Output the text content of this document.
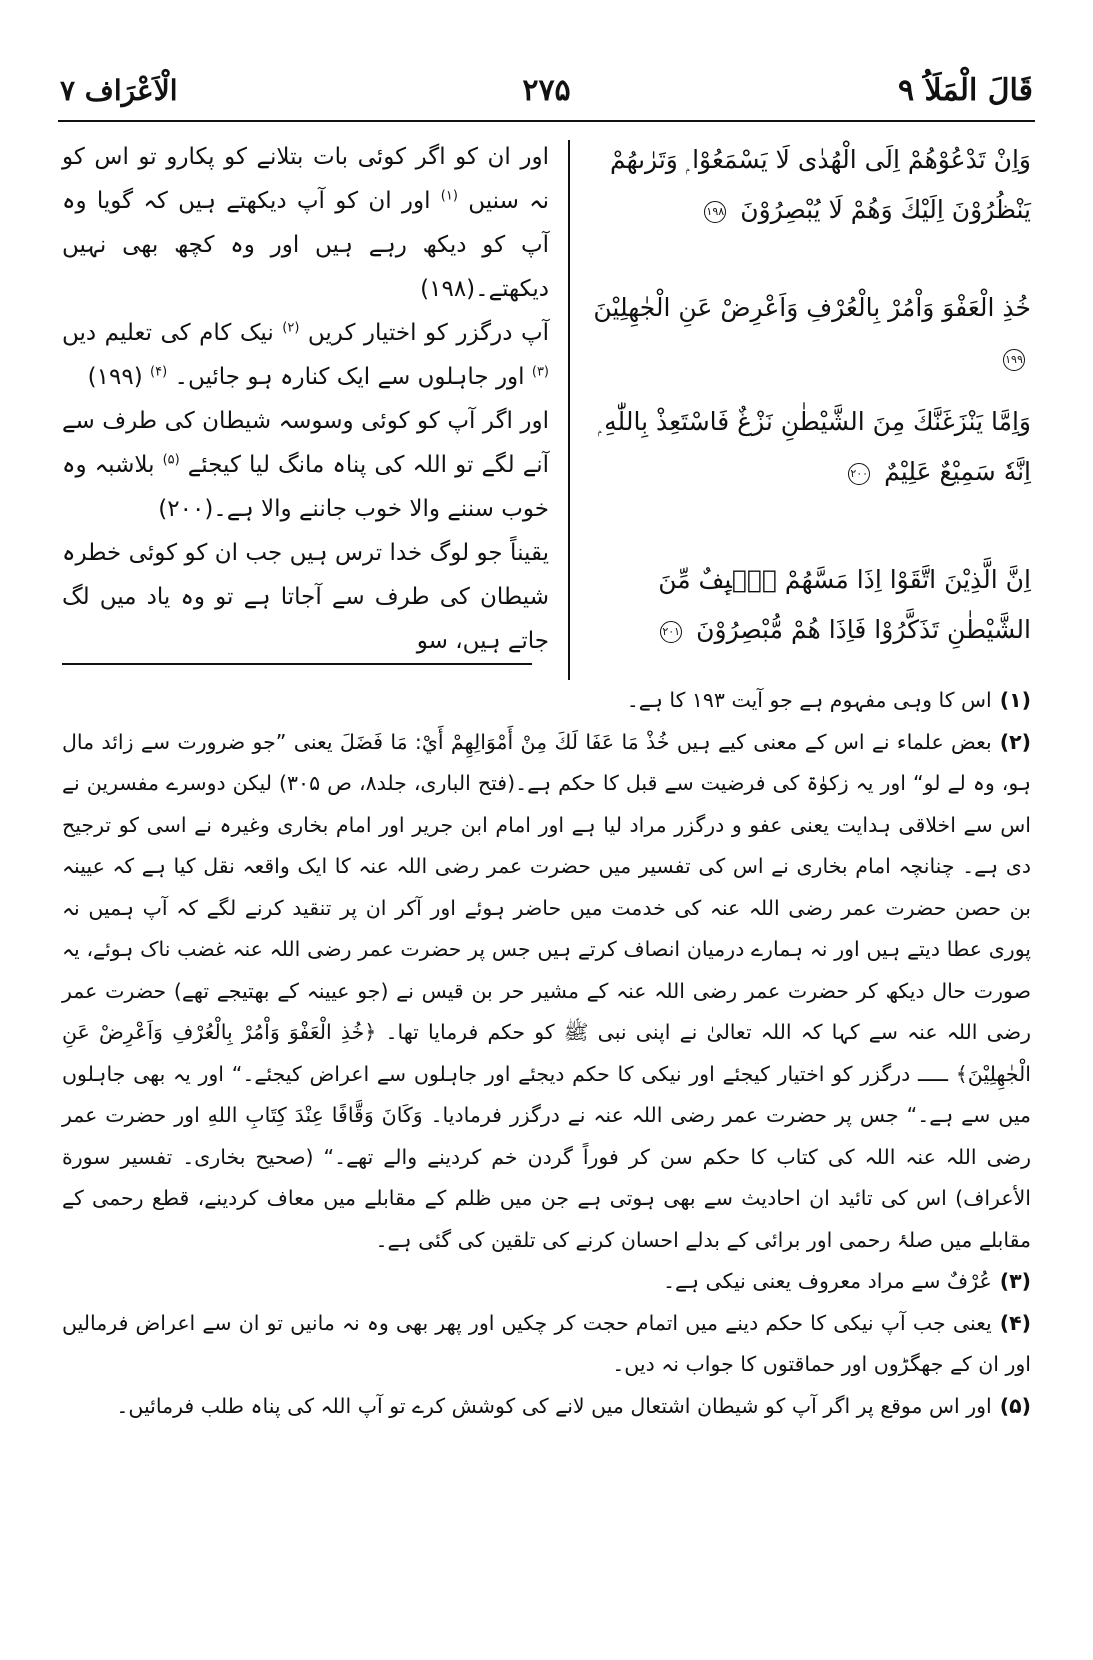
الْاَعْرَاف ۷	۲۷۵	قَالَ الْمَلَاُ ۹
وَاِنْ تَدْعُوْهُمْ اِلَى الْهُدٰى لَا يَسْمَعُوْا ۭ وَتَرٰىهُمْ يَنْظُرُوْنَ اِلَيْكَ وَهُمْ لَا يُبْصِرُوْنَ ۱۹۸
خُذِ الْعَفْوَ وَاْمُرْ بِالْعُرْفِ وَاَعْرِضْ عَنِ الْجٰهِلِيْنَ ۱۹۹
وَاِمَّا يَنْزَغَنَّكَ مِنَ الشَّيْطٰنِ نَزْغٌ فَاسْتَعِذْ بِاللّٰهِ ۭ اِنَّهٗ سَمِيْعٌ عَلِيْمٌ ۲۰۰
اِنَّ الَّذِيْنَ اتَّقَوْا اِذَا مَسَّهُمْ طٰۗىِٕفٌ مِّنَ الشَّيْطٰنِ تَذَكَّرُوْا فَاِذَا هُمْ مُّبْصِرُوْنَ ۲۰۱

اور ان کو اگر کوئی بات بتلانے کو پکارو تو اس کو نہ سنیں $^{(۱)}$ اور ان کو آپ دیکھتے ہیں کہ گویا وہ آپ کو دیکھ رہے ہیں اور وہ کچھ بھی نہیں دیکھتے۔(۱۹۸)

آپ درگزر کو اختیار کریں $^{(۲)}$ نیک کام کی تعلیم دیں $^{(۳)}$ اور جاہلوں سے ایک کنارہ ہو جائیں۔ $^{(۴)}$ (۱۹۹)

اور اگر آپ کو کوئی وسوسہ شیطان کی طرف سے آنے لگے تو اللہ کی پناہ مانگ لیا کیجئے $^{(۵)}$ بلاشبہ وہ خوب سننے والا خوب جاننے والا ہے۔(۲۰۰)

یقیناً جو لوگ خدا ترس ہیں جب ان کو کوئی خطرہ شیطان کی طرف سے آجاتا ہے تو وہ یاد میں لگ جاتے ہیں، سو

(۱)اس کا وہی مفہوم ہے جو آیت ۱۹۳ کا ہے۔

(۲)بعض علماء نے اس کے معنی کیے ہیں خُذْ مَا عَفَا لَكَ مِنْ أَمْوَالِهِمْ أَيْ: مَا فَضَلَ یعنی ”جو ضرورت سے زائد مال ہو، وہ لے لو“ اور یہ زکوٰۃ کی فرضیت سے قبل کا حکم ہے۔(فتح الباری، جلد۸، ص ۳۰۵) لیکن دوسرے مفسرین نے اس سے اخلاقی ہدایت یعنی عفو و درگزر مراد لیا ہے اور امام ابن جریر اور امام بخاری وغیرہ نے اسی کو ترجیح دی ہے۔ چنانچہ امام بخاری نے اس کی تفسیر میں حضرت عمر رضی اللہ عنہ کا ایک واقعہ نقل کیا ہے کہ عیینہ بن حصن حضرت عمر رضی اللہ عنہ کی خدمت میں حاضر ہوئے اور آکر ان پر تنقید کرنے لگے کہ آپ ہمیں نہ پوری عطا دیتے ہیں اور نہ ہمارے درمیان انصاف کرتے ہیں جس پر حضرت عمر رضی اللہ عنہ غضب ناک ہوئے، یہ صورت حال دیکھ کر حضرت عمر رضی اللہ عنہ کے مشیر حر بن قیس نے (جو عیینہ کے بھتیجے تھے) حضرت عمر رضی اللہ عنہ سے کہا کہ اللہ تعالیٰ نے اپنی نبی ﷺ کو حکم فرمایا تھا۔ ﴿خُذِ الْعَفْوَ وَاْمُرْ بِالْعُرْفِ وَاَعْرِضْ عَنِ الْجٰهِلِيْنَ﴾ ـــــ درگزر کو اختیار کیجئے اور نیکی کا حکم دیجئے اور جاہلوں سے اعراض کیجئے۔“ اور یہ بھی جاہلوں میں سے ہے۔“ جس پر حضرت عمر رضی اللہ عنہ نے درگزر فرمادیا۔ وَكَانَ وَقَّافًا عِنْدَ كِتَابِ اللهِ اور حضرت عمر رضی اللہ عنہ اللہ کی کتاب کا حکم سن کر فوراً گردن خم کردینے والے تھے۔“ (صحیح بخاری۔ تفسیر سورة الأعراف) اس کی تائید ان احادیث سے بھی ہوتی ہے جن میں ظلم کے مقابلے میں معاف کردینے، قطع رحمی کے مقابلے میں صلۂ رحمی اور برائی کے بدلے احسان کرنے کی تلقین کی گئی ہے۔

(۳)عُرْفٌ سے مراد معروف یعنی نیکی ہے۔

(۴)یعنی جب آپ نیکی کا حکم دینے میں اتمام حجت کر چکیں اور پھر بھی وہ نہ مانیں تو ان سے اعراض فرمالیں اور ان کے جھگڑوں اور حماقتوں کا جواب نہ دیں۔

(۵)اور اس موقع پر اگر آپ کو شیطان اشتعال میں لانے کی کوشش کرے تو آپ اللہ کی پناہ طلب فرمائیں۔
